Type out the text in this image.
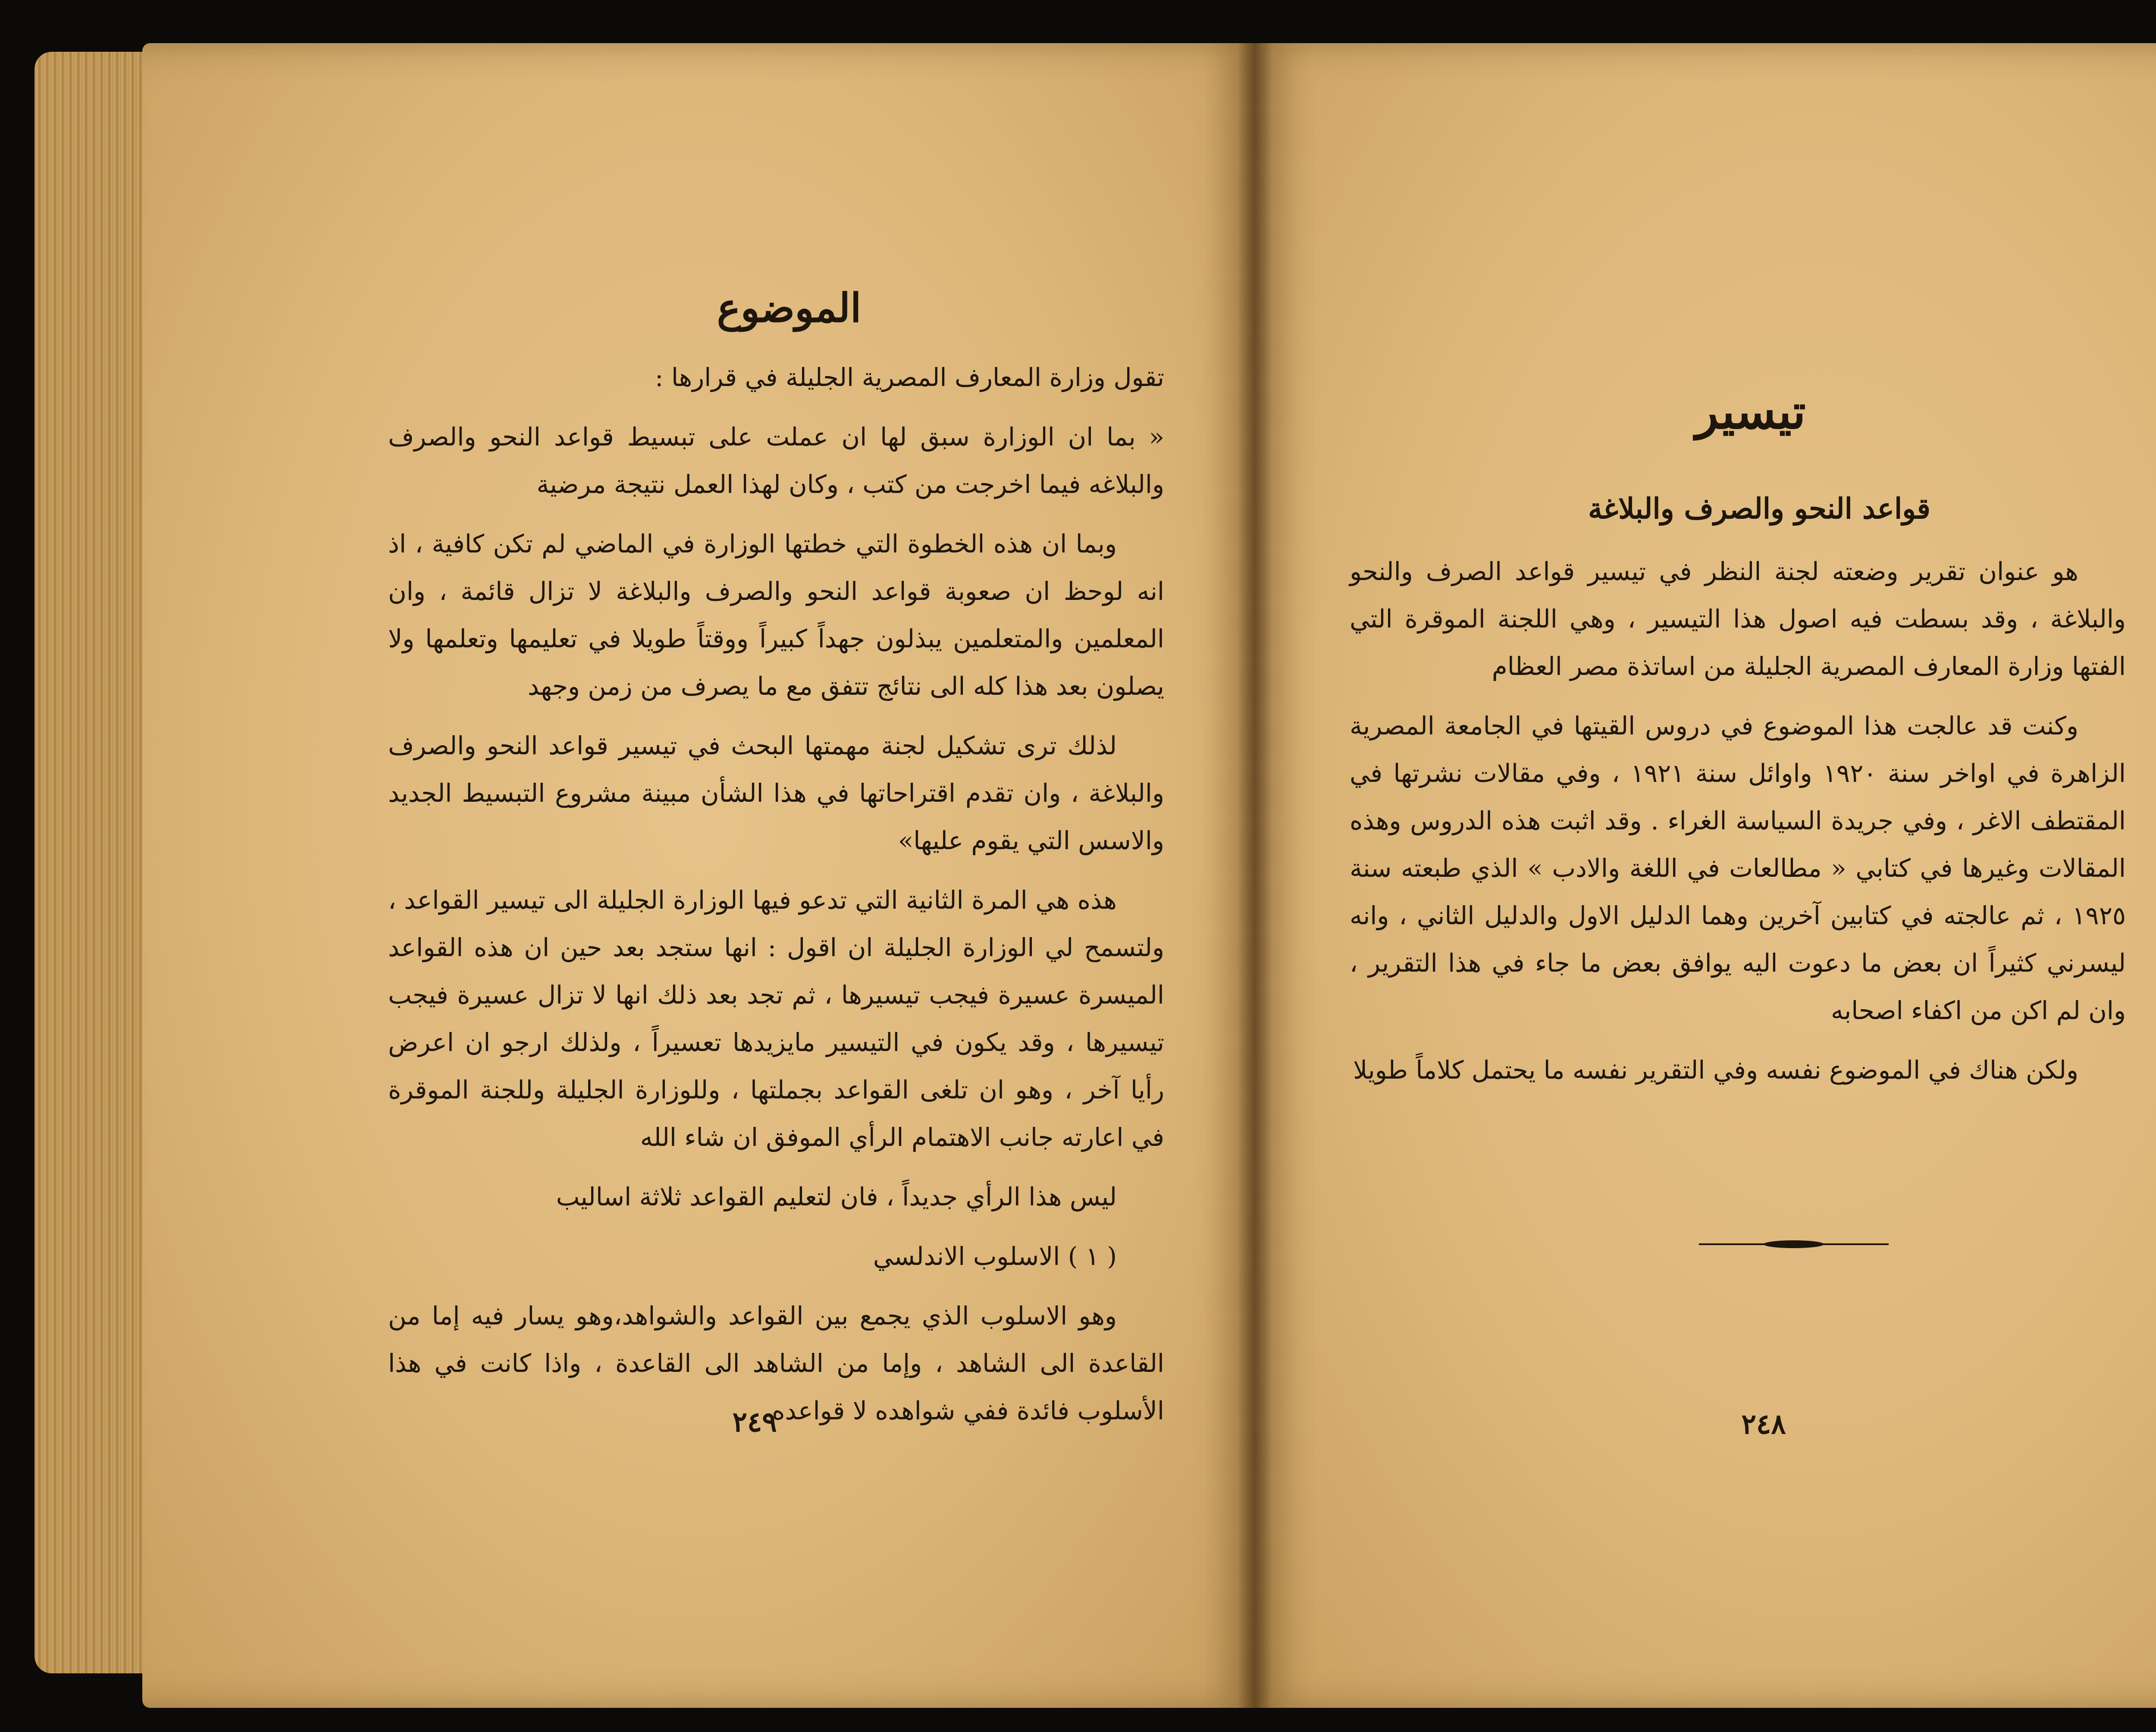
الموضوع

تقول وزارة المعارف المصرية الجليلة في قرارها :

« بما ان الوزارة سبق لها ان عملت على تبسيط قواعد النحو والصرف والبلاغه فيما اخرجت من كتب ، وكان لهذا العمل نتيجة مرضية

وبما ان هذه الخطوة التي خطتها الوزارة في الماضي لم تكن كافية ، اذ انه لوحظ ان صعوبة قواعد النحو والصرف والبلاغة لا تزال قائمة ، وان المعلمين والمتعلمين يبذلون جهداً كبيراً ووقتاً طويلا في تعليمها وتعلمها ولا يصلون بعد هذا كله الى نتائج تتفق مع ما يصرف من زمن وجهد

لذلك ترى تشكيل لجنة مهمتها البحث في تيسير قواعد النحو والصرف والبلاغة ، وان تقدم اقتراحاتها في هذا الشأن مبينة مشروع التبسيط الجديد والاسس التي يقوم عليها»

هذه هي المرة الثانية التي تدعو فيها الوزارة الجليلة الى تيسير القواعد ، ولتسمح لي الوزارة الجليلة ان اقول : انها ستجد بعد حين ان هذه القواعد الميسرة عسيرة فيجب تيسيرها ، ثم تجد بعد ذلك انها لا تزال عسيرة فيجب تيسيرها ، وقد يكون في التيسير مايزيدها تعسيراً ، ولذلك ارجو ان اعرض رأيا آخر ، وهو ان تلغى القواعد بجملتها ، وللوزارة الجليلة وللجنة الموقرة في اعارته جانب الاهتمام الرأي الموفق ان شاء الله

ليس هذا الرأي جديداً ، فان لتعليم القواعد ثلاثة اساليب

( ١ ) الاسلوب الاندلسي

وهو الاسلوب الذي يجمع بين القواعد والشواهد،وهو يسار فيه إما من القاعدة الى الشاهد ، وإما من الشاهد الى القاعدة ، واذا كانت في هذا الأسلوب فائدة ففي شواهده لا قواعده

٢٤٩
تيسير
قواعد النحو والصرف والبلاغة

هو عنوان تقرير وضعته لجنة النظر في تيسير قواعد الصرف والنحو والبلاغة ، وقد بسطت فيه اصول هذا التيسير ، وهي اللجنة الموقرة التي الفتها وزارة المعارف المصرية الجليلة من اساتذة مصر العظام

وكنت قد عالجت هذا الموضوع في دروس القيتها في الجامعة المصرية الزاهرة في اواخر سنة ١٩٢٠ واوائل سنة ١٩٢١ ، وفي مقالات نشرتها في المقتطف الاغر ، وفي جريدة السياسة الغراء . وقد اثبت هذه الدروس وهذه المقالات وغيرها في كتابي « مطالعات في اللغة والادب » الذي طبعته سنة ١٩٢٥ ، ثم عالجته في كتابين آخرين وهما الدليل الاول والدليل الثاني ، وانه ليسرني كثيراً ان بعض ما دعوت اليه يوافق بعض ما جاء في هذا التقرير ، وان لم اكن من اكفاء اصحابه

ولكن هناك في الموضوع نفسه وفي التقرير نفسه ما يحتمل كلاماً طويلا

٢٤٨
